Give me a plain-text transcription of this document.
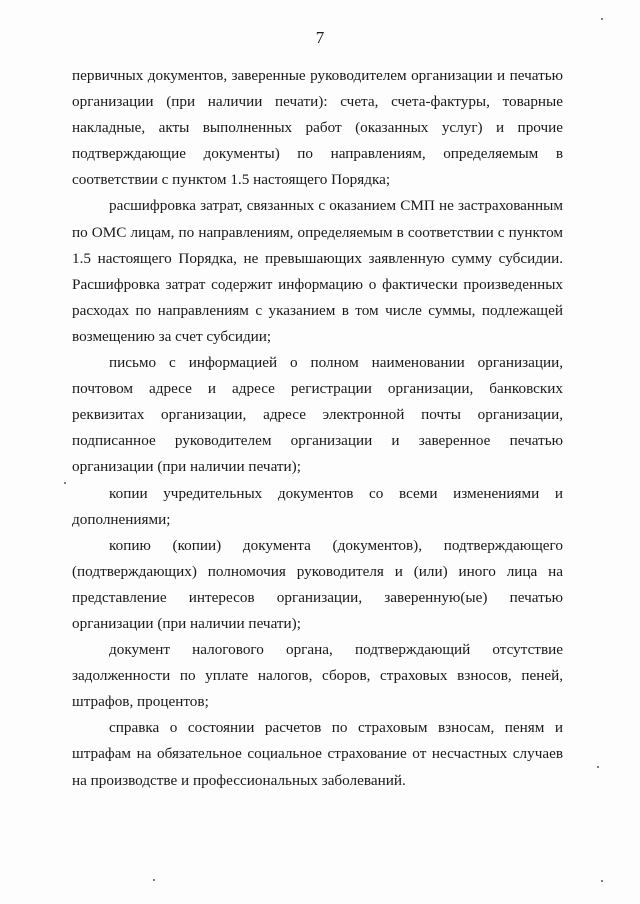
7

первичных документов, заверенные руководителем организации и печатью организации (при наличии печати): счета, счета-фактуры, товарные накладные, акты выполненных работ (оказанных услуг) и прочие подтверждающие документы) по направлениям, определяемым в соответствии с пунктом 1.5 настоящего Порядка;

расшифровка затрат, связанных с оказанием СМП не застрахованным по ОМС лицам, по направлениям, определяемым в соответствии с пунктом 1.5 настоящего Порядка, не превышающих заявленную сумму субсидии. Расшифровка затрат содержит информацию о фактически произведенных расходах по направлениям с указанием в том числе суммы, подлежащей возмещению за счет субсидии;

письмо с информацией о полном наименовании организации, почтовом адресе и адресе регистрации организации, банковских реквизитах организации, адресе электронной почты организации, подписанное руководителем организации и заверенное печатью организации (при наличии печати);

копии учредительных документов со всеми изменениями и дополнениями;

копию (копии) документа (документов), подтверждающего (подтверждающих) полномочия руководителя и (или) иного лица на представление интересов организации, заверенную(ые) печатью организации (при наличии печати);

документ налогового органа, подтверждающий отсутствие задолженности по уплате налогов, сборов, страховых взносов, пеней, штрафов, процентов;

справка о состоянии расчетов по страховым взносам, пеням и штрафам на обязательное социальное страхование от несчастных случаев на производстве и профессиональных заболеваний.
